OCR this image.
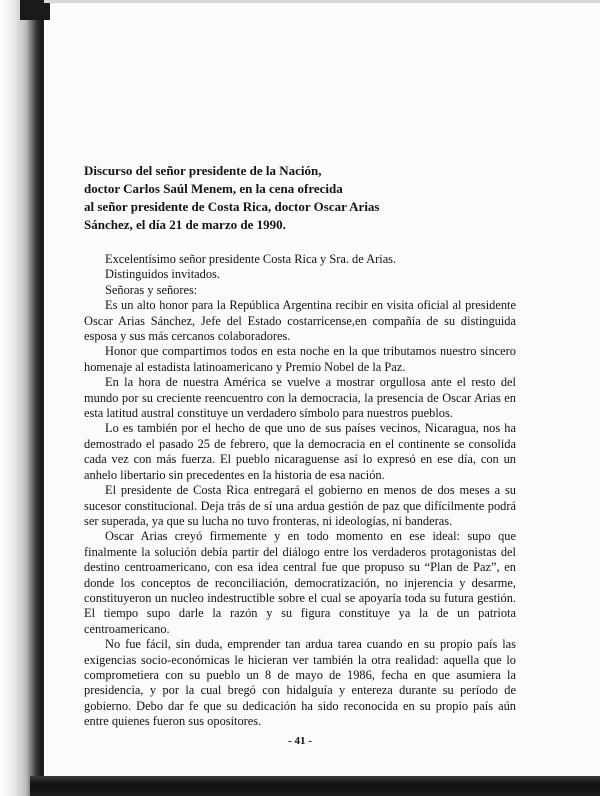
Discurso del señor presidente de la Nación,
doctor Carlos Saúl Menem, en la cena ofrecida
al señor presidente de Costa Rica, doctor Oscar Arias
Sánchez, el día 21 de marzo de 1990.
Excelentísimo señor presidente Costa Rica y Sra. de Arias.
Distinguidos invitados.
Señoras y señores:
Es un alto honor para la República Argentina recibir en visita oficial al presidente
Oscar Arias Sánchez, Jefe del Estado costarricense,en compañía de su distinguida
esposa y sus más cercanos colaboradores.
Honor que compartimos todos en esta noche en la que tributamos nuestro sincero
homenaje al estadista latinoamericano y Premio Nobel de la Paz.
En la hora de nuestra América se vuelve a mostrar orgullosa ante el resto del
mundo por su creciente reencuentro con la democracia, la presencia de Oscar Arias en
esta latitud austral constituye un verdadero símbolo para nuestros pueblos.
Lo es también por el hecho de que uno de sus países vecinos, Nicaragua, nos ha
demostrado el pasado 25 de febrero, que la democracia en el continente se consolida
cada vez con más fuerza. El pueblo nicaraguense así lo expresó en ese día, con un
anhelo libertario sin precedentes en la historia de esa nación.
El presidente de Costa Rica entregará el gobierno en menos de dos meses a su
sucesor constitucional. Deja trás de sí una ardua gestión de paz que difícilmente podrá
ser superada, ya que su lucha no tuvo fronteras, ni ideologías, ni banderas.
Oscar Arias creyó firmemente y en todo momento en ese ideal: supo que
finalmente la solución debía partir del diálogo entre los verdaderos protagonistas del
destino centroamericano, con esa idea central fue que propuso su “Plan de Paz”, en
donde los conceptos de reconciliación, democratización, no injerencia y desarme,
constituyeron un nucleo indestructible sobre el cual se apoyaría toda su futura gestión.
El tiempo supo darle la razón y su figura constituye ya la de un patriota
centroamericano.
No fue fácil, sin duda, emprender tan ardua tarea cuando en su propio país las
exigencias socio-económicas le hicieran ver también la otra realidad: aquella que lo
comprometiera con su pueblo un 8 de mayo de 1986, fecha en que asumiera la
presidencia, y por la cual bregó con hidalguía y entereza durante su período de
gobierno. Debo dar fe que su dedicación ha sido reconocida en su propio país aún
entre quienes fueron sus opositores.
- 41 -
